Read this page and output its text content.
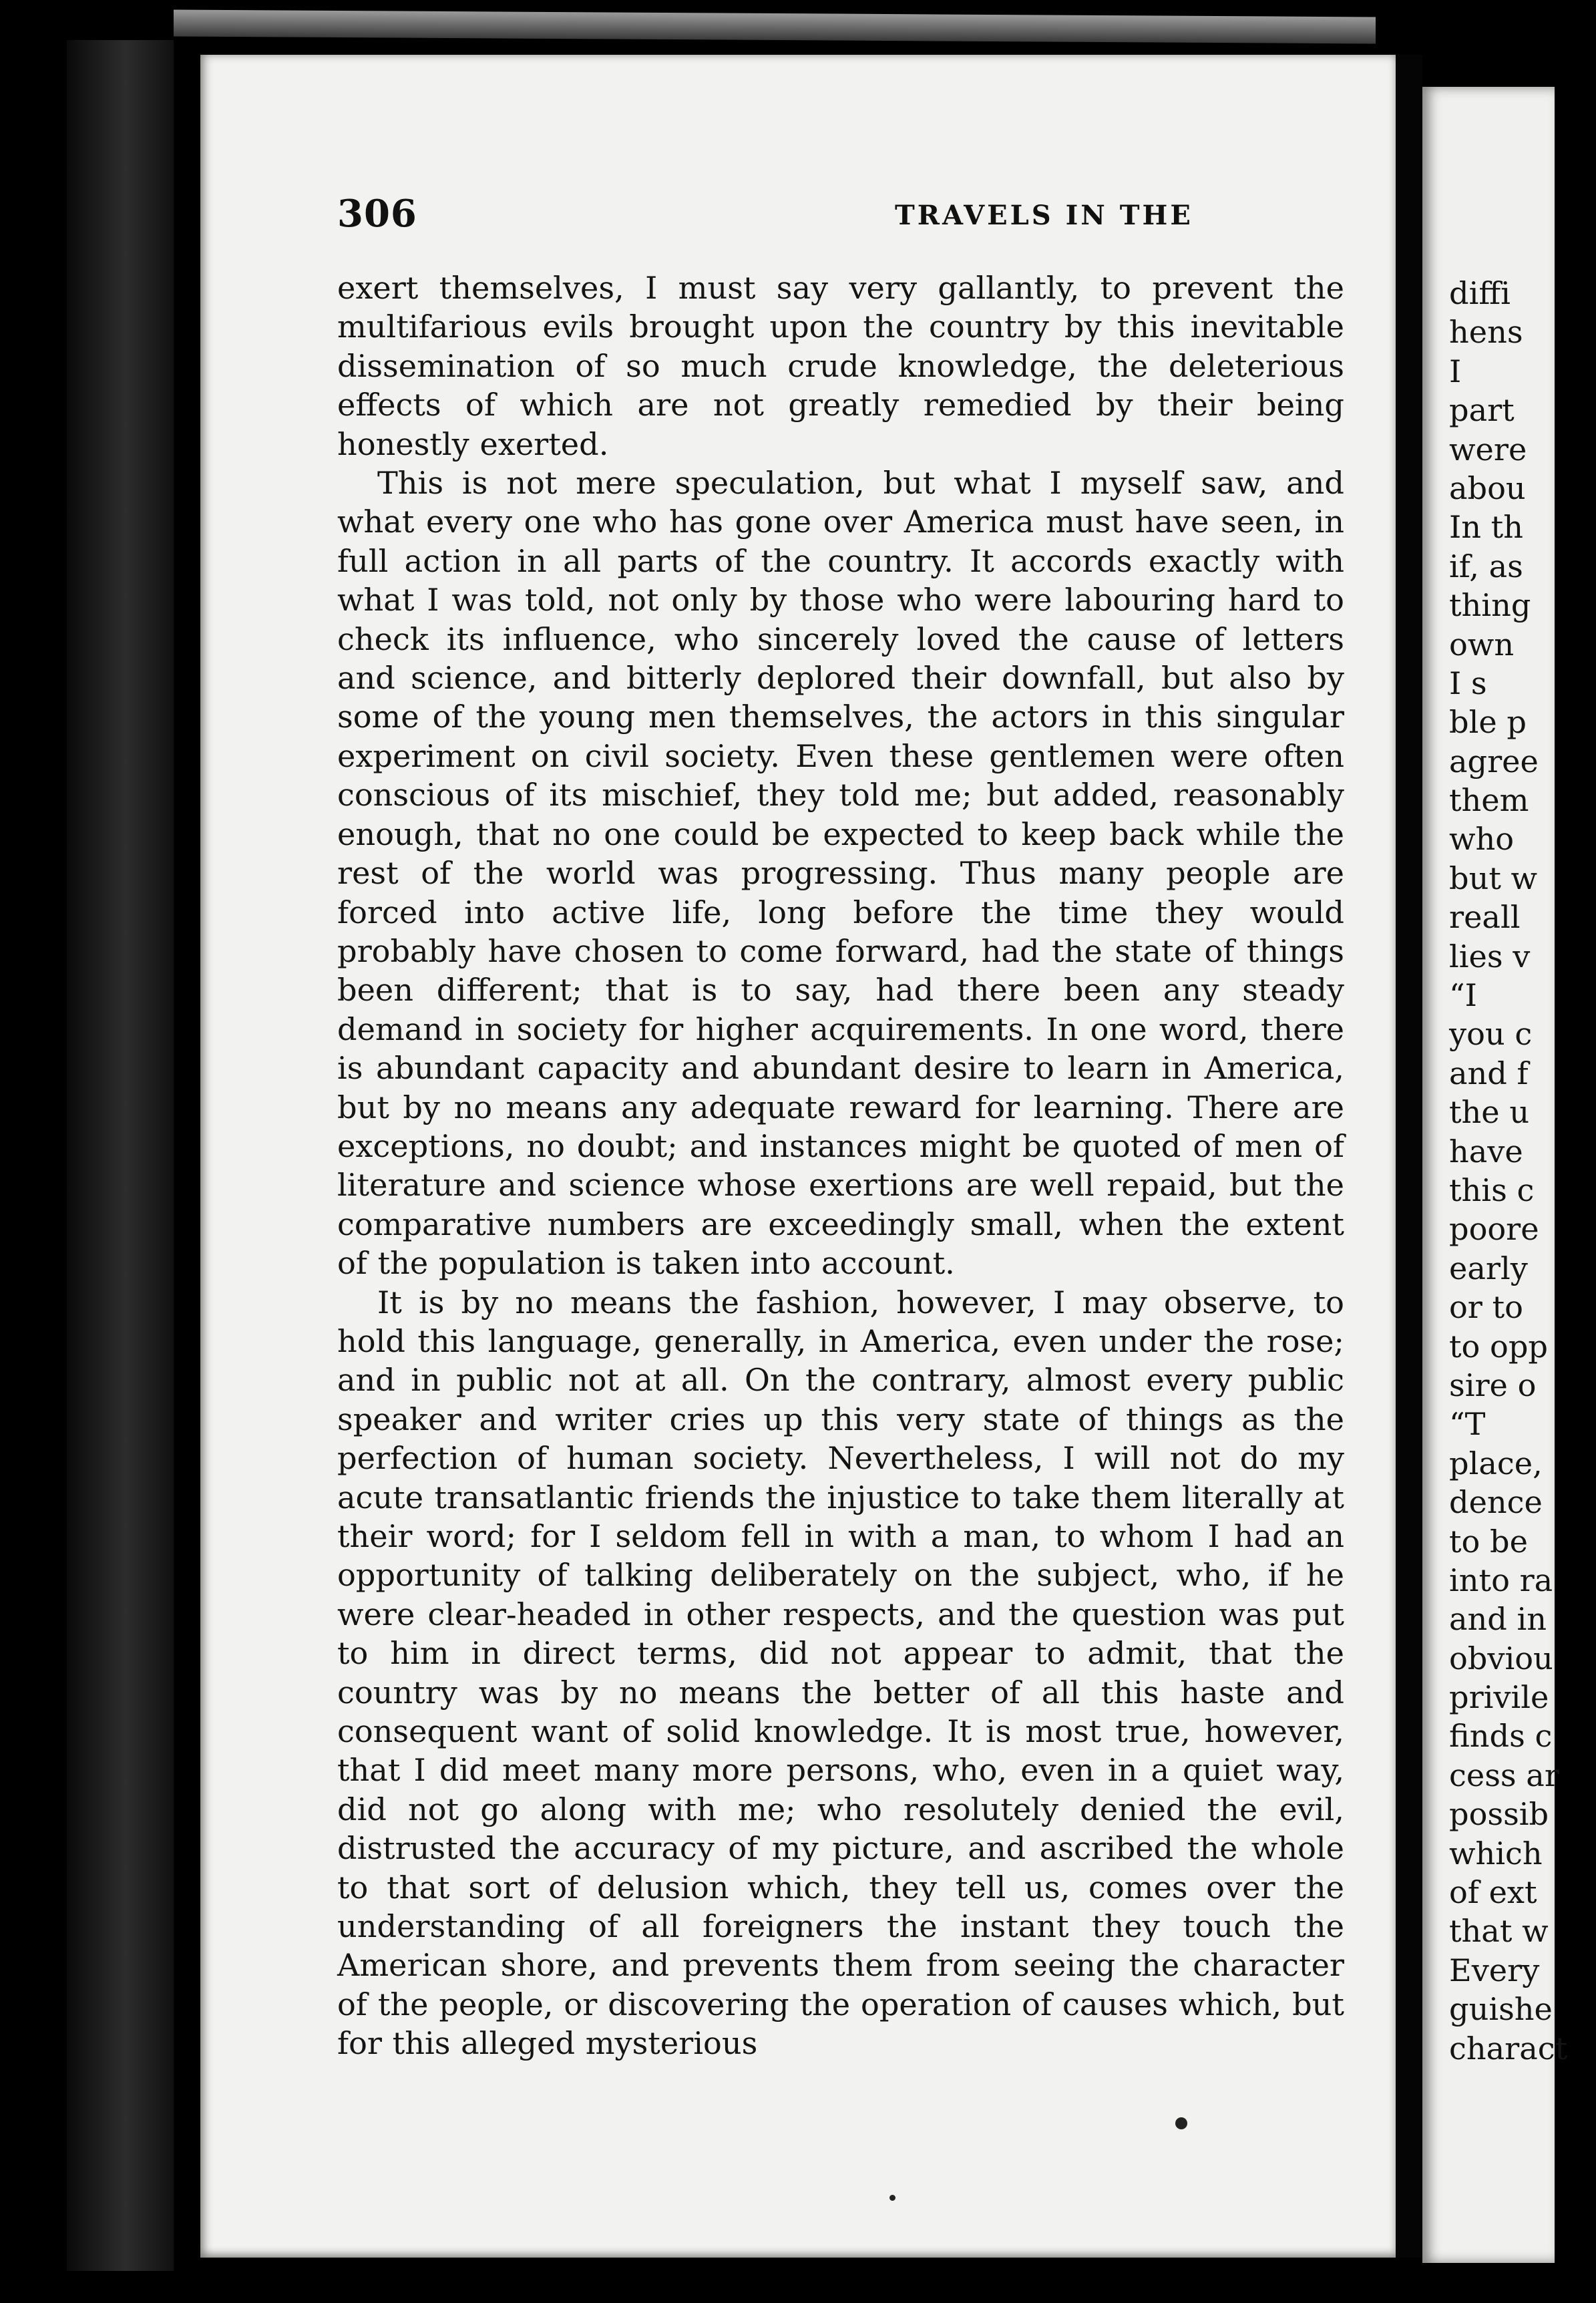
306	TRAVELS IN THE

exert themselves, I must say very gallantly, to prevent the multifarious evils brought upon the country by this inevitable dissemination of so much crude knowledge, the deleterious effects of which are not greatly remedied by their being honestly exerted.

This is not mere speculation, but what I myself saw, and what every one who has gone over America must have seen, in full action in all parts of the country. It accords exactly with what I was told, not only by those who were labouring hard to check its influence, who sincerely loved the cause of letters and science, and bitterly deplored their downfall, but also by some of the young men themselves, the actors in this singular experiment on civil society. Even these gentlemen were often conscious of its mischief, they told me; but added, reasonably enough, that no one could be expected to keep back while the rest of the world was progressing. Thus many people are forced into active life, long before the time they would probably have chosen to come forward, had the state of things been different; that is to say, had there been any steady demand in society for higher acquirements. In one word, there is abundant capacity and abundant desire to learn in America, but by no means any adequate reward for learning. There are exceptions, no doubt; and instances might be quoted of men of literature and science whose exertions are well repaid, but the comparative numbers are exceedingly small, when the extent of the population is taken into account.

It is by no means the fashion, however, I may observe, to hold this language, generally, in America, even under the rose; and in public not at all. On the contrary, almost every public speaker and writer cries up this very state of things as the perfection of human society. Nevertheless, I will not do my acute transatlantic friends the injustice to take them literally at their word; for I seldom fell in with a man, to whom I had an opportunity of talking deliberately on the subject, who, if he were clear-headed in other respects, and the question was put to him in direct terms, did not appear to admit, that the country was by no means the better of all this haste and consequent want of solid knowledge. It is most true, however, that I did meet many more persons, who, even in a quiet way, did not go along with me; who resolutely denied the evil, distrusted the accuracy of my picture, and ascribed the whole to that sort of delusion which, they tell us, comes over the understanding of all foreigners the instant they touch the American shore, and prevents them from seeing the character of the people, or discovering the operation of causes which, but for this alleged mysterious

diffi
hens
I
part
were
abou
In th
if, as
thing
own
I s
ble p
agree
them
who
but w
reall
lies v
“I
you c
and f
the u
have
this c
poore
early
or to
to opp
sire o
“T
place,
dence
to be
into ra
and in
obviou
privile
finds c
cess ar
possib
which
of ext
that w
Every
guishe
charact
